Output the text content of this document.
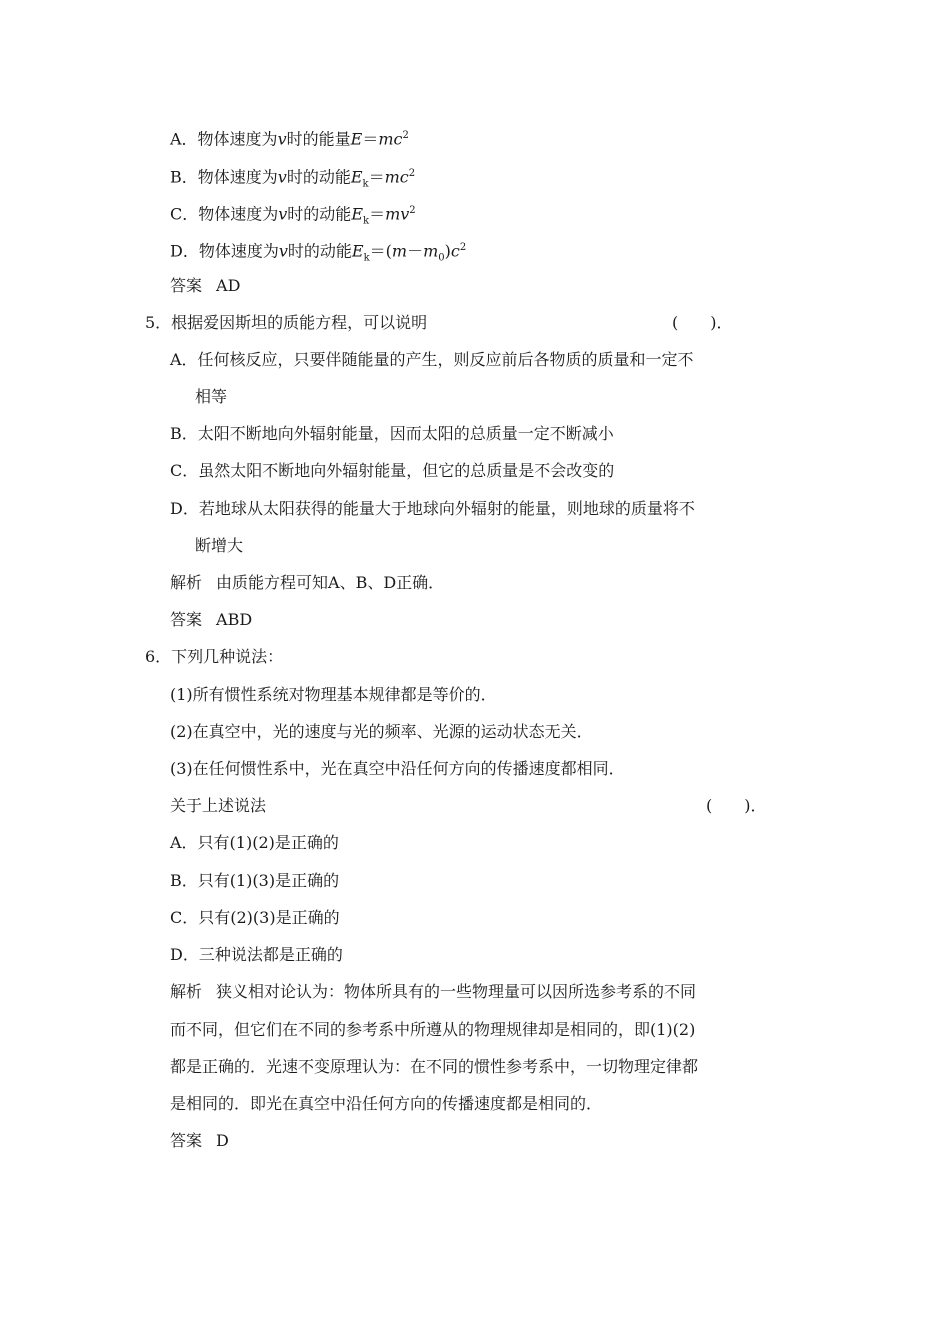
A．物体速度为v时的能量$E=mc^2$
B．物体速度为v时的动能$E_k=mc^2$
C．物体速度为v时的动能$E_k=mv^2$
D．物体速度为v时的动能$E_k=(m-m_0)c^2$
答案 AD
5．根据爱因斯坦的质能方程，可以说明	(　　)．
A．任何核反应，只要伴随能量的产生，则反应前后各物质的质量和一定不
相等
B．太阳不断地向外辐射能量，因而太阳的总质量一定不断减小
C．虽然太阳不断地向外辐射能量，但它的总质量是不会改变的
D．若地球从太阳获得的能量大于地球向外辐射的能量，则地球的质量将不
断增大
解析 由质能方程可知A、B、D正确．
答案 ABD
6．下列几种说法：
(1)所有惯性系统对物理基本规律都是等价的．
(2)在真空中，光的速度与光的频率、光源的运动状态无关．
(3)在任何惯性系中，光在真空中沿任何方向的传播速度都相同．
关于上述说法	(　　)．
A．只有(1)(2)是正确的
B．只有(1)(3)是正确的
C．只有(2)(3)是正确的
D．三种说法都是正确的
解析 狭义相对论认为：物体所具有的一些物理量可以因所选参考系的不同
而不同，但它们在不同的参考系中所遵从的物理规律却是相同的，即(1)(2)
都是正确的．光速不变原理认为：在不同的惯性参考系中，一切物理定律都
是相同的．即光在真空中沿任何方向的传播速度都是相同的．
答案 D
